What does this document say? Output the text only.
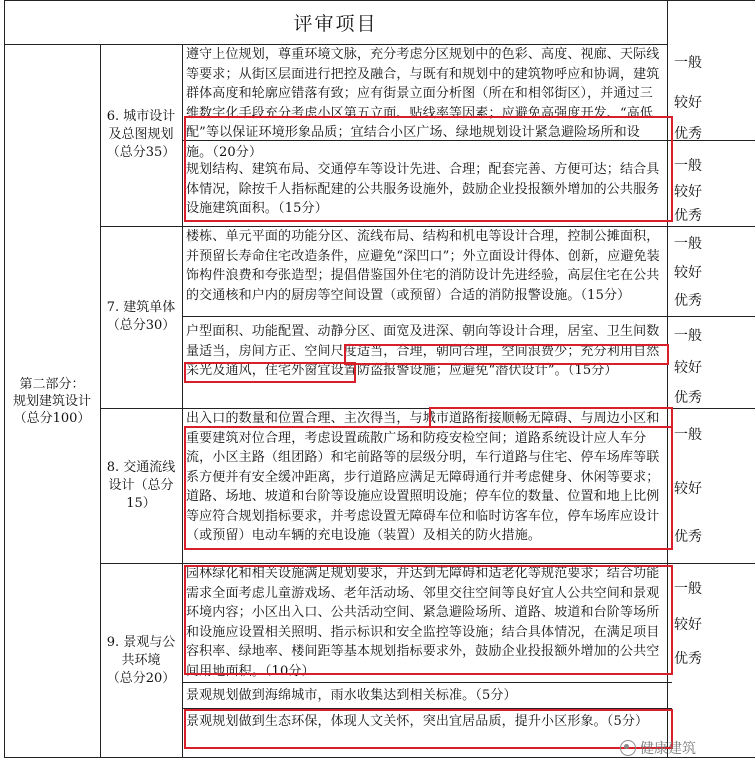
评审项目
第二部分：
规划建筑设计
（总分100）
6. 城市设计
及总图规划
（总分35）
遵守上位规划，尊重环境文脉，充分考虑分区规划中的色彩、高度、视廊、天际线等要求；从街区层面进行把控及融合，与既有和规划中的建筑物呼应和协调，建筑群体高度和轮廓应错落有致；应有街景立面分析图（所在和相邻街区），并通过三维数字化手段充分考虑小区第五立面、贴线率等因素；应避免高强度开发、“高低配”等以保证环境形象品质；宜结合小区广场、绿地规划设计紧急避险场所和设施。（20分）
规划结构、建筑布局、交通停车等设计先进、合理；配套完善、方便可达；结合具体情况，除按千人指标配建的公共服务设施外，鼓励企业投报额外增加的公共服务设施建筑面积。（15分）
一般
较好
优秀
一般
较好
优秀
7. 建筑单体
（总分30）
楼栋、单元平面的功能分区、流线布局、结构和机电等设计合理，控制公摊面积，并预留长寿命住宅改造条件，应避免“深凹口”；外立面设计得体、创新，应避免装饰构件浪费和夸张造型；提倡借鉴国外住宅的消防设计先进经验，高层住宅在公共的交通核和户内的厨房等空间设置（或预留）合适的消防报警设施。（15分）
户型面积、功能配置、动静分区、面宽及进深、朝向等设计合理，居室、卫生间数量适当，房间方正、空间尺度适当，合理，朝向合理，空间浪费少；充分利用自然采光及通风，住宅外窗宜设置防盗报警设施；应避免“潜伏设计”。（15分）
一般
较好
优秀
一般
较好
优秀
8. 交通流线
设计（总分
15）
出入口的数量和位置合理、主次得当，与城市道路衔接顺畅无障碍、与周边小区和重要建筑对位合理，考虑设置疏散广场和防疫安检空间；道路系统设计应人车分流，小区主路（组团路）和宅前路等的层级分明，车行道路与住宅、停车场库等联系方便并有安全缓冲距离，步行道路应满足无障碍通行并考虑健身、休闲等要求；道路、场地、坡道和台阶等设施应设置照明设施；停车位的数量、位置和地上比例等应符合规划指标要求，并考虑设置无障碍车位和临时访客车位，停车场库应设计（或预留）电动车辆的充电设施（装置）及相关的防火措施。
一般
较好
优秀
9. 景观与公
共环境
（总分20）
园林绿化和相关设施满足规划要求，并达到无障碍和适老化等规范要求；结合功能需求全面考虑儿童游戏场、老年活动场、邻里交往空间等良好宜人公共空间和景观环境内容；小区出入口、公共活动空间、紧急避险场所、道路、坡道和台阶等场所和设施应设置相关照明、指示标识和安全监控等设施；结合具体情况，在满足项目容积率、绿地率、楼间距等基本规划指标要求外，鼓励企业投报额外增加的公共空间用地面积。（10分）
景观规划做到海绵城市，雨水收集达到相关标准。（5分）
景观规划做到生态环保，体现人文关怀，突出宜居品质，提升小区形象。（5分）
一般
较好
优秀
健康建筑
